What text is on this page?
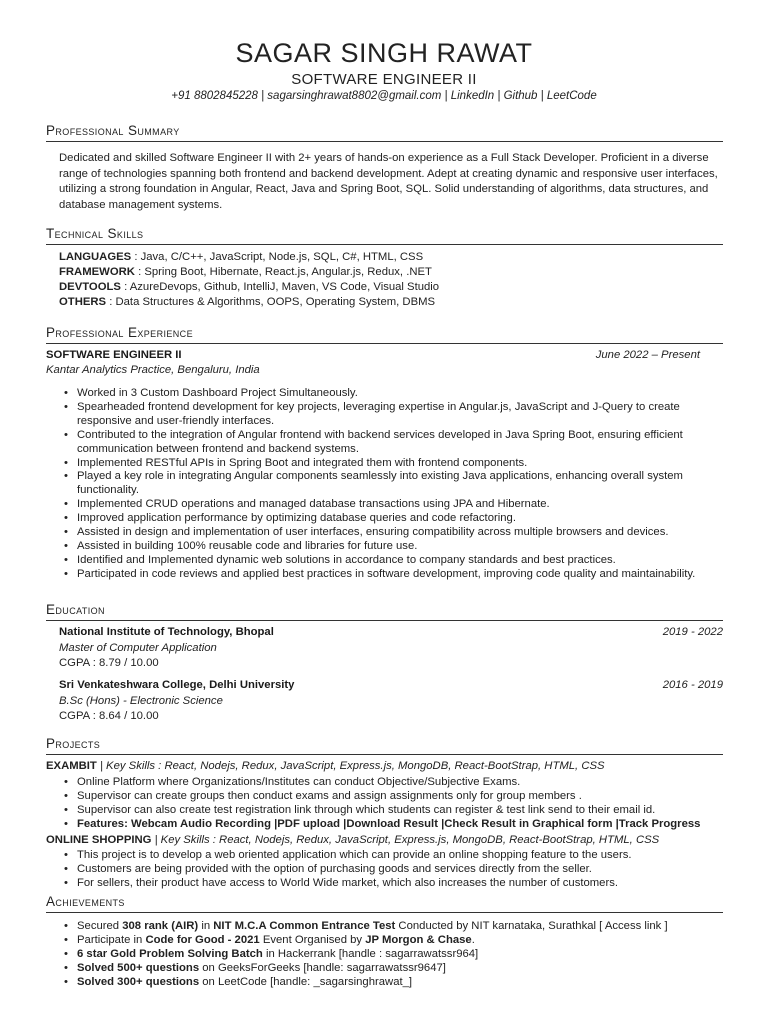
SAGAR SINGH RAWAT
SOFTWARE ENGINEER II
+91 8802845228 | sagarsinghrawat8802@gmail.com | LinkedIn | Github | LeetCode
Professional Summary
Dedicated and skilled Software Engineer II with 2+ years of hands-on experience as a Full Stack Developer. Proficient in a diverse range of technologies spanning both frontend and backend development. Adept at creating dynamic and responsive user interfaces, utilizing a strong foundation in Angular, React, Java and Spring Boot, SQL. Solid understanding of algorithms, data structures, and database management systems.
Technical Skills
LANGUAGES : Java, C/C++, JavaScript, Node.js, SQL, C#, HTML, CSS
FRAMEWORK : Spring Boot, Hibernate, React.js, Angular.js, Redux, .NET
DEVTOOLS : AzureDevops, Github, IntelliJ, Maven, VS Code, Visual Studio
OTHERS : Data Structures & Algorithms, OOPS, Operating System, DBMS
Professional Experience
SOFTWARE ENGINEER II	June 2022 – Present
Kantar Analytics Practice, Bengaluru, India
• Worked in 3 Custom Dashboard Project Simultaneously.
• Spearheaded frontend development for key projects, leveraging expertise in Angular.js, JavaScript and J-Query to create responsive and user-friendly interfaces.
• Contributed to the integration of Angular frontend with backend services developed in Java Spring Boot, ensuring efficient communication between frontend and backend systems.
• Implemented RESTful APIs in Spring Boot and integrated them with frontend components.
• Played a key role in integrating Angular components seamlessly into existing Java applications, enhancing overall system functionality.
• Implemented CRUD operations and managed database transactions using JPA and Hibernate.
• Improved application performance by optimizing database queries and code refactoring.
• Assisted in design and implementation of user interfaces, ensuring compatibility across multiple browsers and devices.
• Assisted in building 100% reusable code and libraries for future use.
• Identified and Implemented dynamic web solutions in accordance to company standards and best practices.
• Participated in code reviews and applied best practices in software development, improving code quality and maintainability.
Education
National Institute of Technology, Bhopal	2019 - 2022
Master of Computer Application
CGPA : 8.79 / 10.00
Sri Venkateshwara College, Delhi University	2016 - 2019
B.Sc (Hons) - Electronic Science
CGPA : 8.64 / 10.00
Projects
EXAMBIT | Key Skills : React, Nodejs, Redux, JavaScript, Express.js, MongoDB, React-BootStrap, HTML, CSS
• Online Platform where Organizations/Institutes can conduct Objective/Subjective Exams.
• Supervisor can create groups then conduct exams and assign assignments only for group members .
• Supervisor can also create test registration link through which students can register & test link send to their email id.
• Features: Webcam Audio Recording |PDF upload |Download Result |Check Result in Graphical form |Track Progress
ONLINE SHOPPING | Key Skills : React, Nodejs, Redux, JavaScript, Express.js, MongoDB, React-BootStrap, HTML, CSS
• This project is to develop a web oriented application which can provide an online shopping feature to the users.
• Customers are being provided with the option of purchasing goods and services directly from the seller.
• For sellers, their product have access to World Wide market, which also increases the number of customers.
Achievements
• Secured 308 rank (AIR) in NIT M.C.A Common Entrance Test Conducted by NIT karnataka, Surathkal [ Access link ]
• Participate in Code for Good - 2021 Event Organised by JP Morgon & Chase.
• 6 star Gold Problem Solving Batch in Hackerrank [handle : sagarrawatssr964]
• Solved 500+ questions on GeeksForGeeks [handle: sagarrawatssr9647]
• Solved 300+ questions on LeetCode [handle: _sagarsinghrawat_]
